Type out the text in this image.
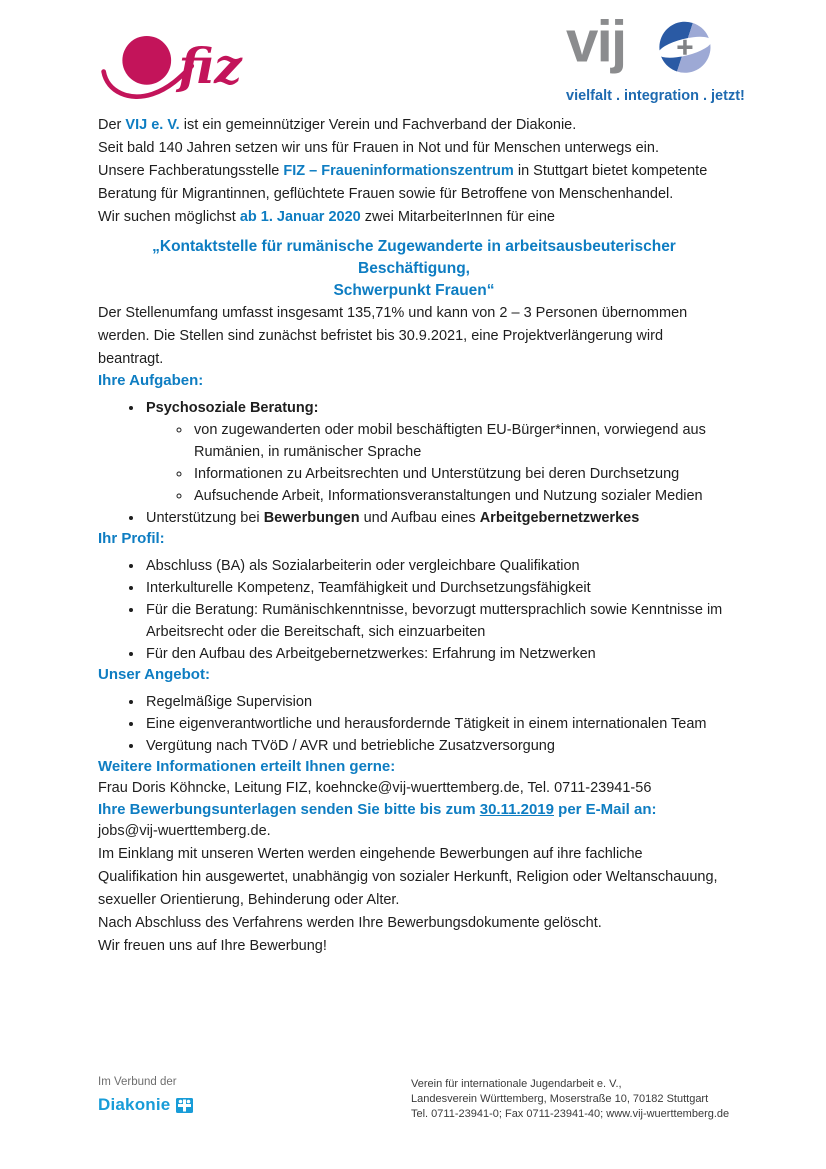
fiz	vij
vielfalt . integration . jetzt!

Der VIJ e. V. ist ein gemeinnütziger Verein und Fachverband der Diakonie.
Seit bald 140 Jahren setzen wir uns für Frauen in Not und für Menschen unterwegs ein.
Unsere Fachberatungsstelle FIZ – Fraueninformationszentrum in Stuttgart bietet kompetente Beratung für Migrantinnen, geflüchtete Frauen sowie für Betroffene von Menschenhandel.

Wir suchen möglichst ab 1. Januar 2020 zwei MitarbeiterInnen für eine

„Kontaktstelle für rumänische Zugewanderte in arbeitsausbeuterischer Beschäftigung,
Schwerpunkt Frauen“

Der Stellenumfang umfasst insgesamt 135,71% und kann von 2 – 3 Personen übernommen
werden. Die Stellen sind zunächst befristet bis 30.9.2021, eine Projektverlängerung wird beantragt.

Ihre Aufgaben:
• Psychosoziale Beratung:
◦ von zugewanderten oder mobil beschäftigten EU-Bürger*innen, vorwiegend aus Rumänien, in rumänischer Sprache
◦ Informationen zu Arbeitsrechten und Unterstützung bei deren Durchsetzung
◦ Aufsuchende Arbeit, Informationsveranstaltungen und Nutzung sozialer Medien
• Unterstützung bei Bewerbungen und Aufbau eines Arbeitgebernetzwerkes
Ihr Profil:
• Abschluss (BA) als Sozialarbeiterin oder vergleichbare Qualifikation
• Interkulturelle Kompetenz, Teamfähigkeit und Durchsetzungsfähigkeit
• Für die Beratung: Rumänischkenntnisse, bevorzugt muttersprachlich sowie Kenntnisse im Arbeitsrecht oder die Bereitschaft, sich einzuarbeiten
• Für den Aufbau des Arbeitgebernetzwerkes: Erfahrung im Netzwerken
Unser Angebot:
• Regelmäßige Supervision
• Eine eigenverantwortliche und herausfordernde Tätigkeit in einem internationalen Team
• Vergütung nach TVöD / AVR und betriebliche Zusatzversorgung
Weitere Informationen erteilt Ihnen gerne:

Frau Doris Köhncke, Leitung FIZ, koehncke@vij-wuerttemberg.de, Tel. 0711-23941-56

Ihre Bewerbungsunterlagen senden Sie bitte bis zum 30.11.2019 per E-Mail an:

jobs@vij-wuerttemberg.de.

Im Einklang mit unseren Werten werden eingehende Bewerbungen auf ihre fachliche
Qualifikation hin ausgewertet, unabhängig von sozialer Herkunft, Religion oder Weltanschauung,
sexueller Orientierung, Behinderung oder Alter.
Nach Abschluss des Verfahrens werden Ihre Bewerbungsdokumente gelöscht.

Wir freuen uns auf Ihre Bewerbung!

Im Verbund der
Diakonie
Verein für internationale Jugendarbeit e. V.,
Landesverein Württemberg, Moserstraße 10, 70182 Stuttgart
Tel. 0711-23941-0; Fax 0711-23941-40; www.vij-wuerttemberg.de
